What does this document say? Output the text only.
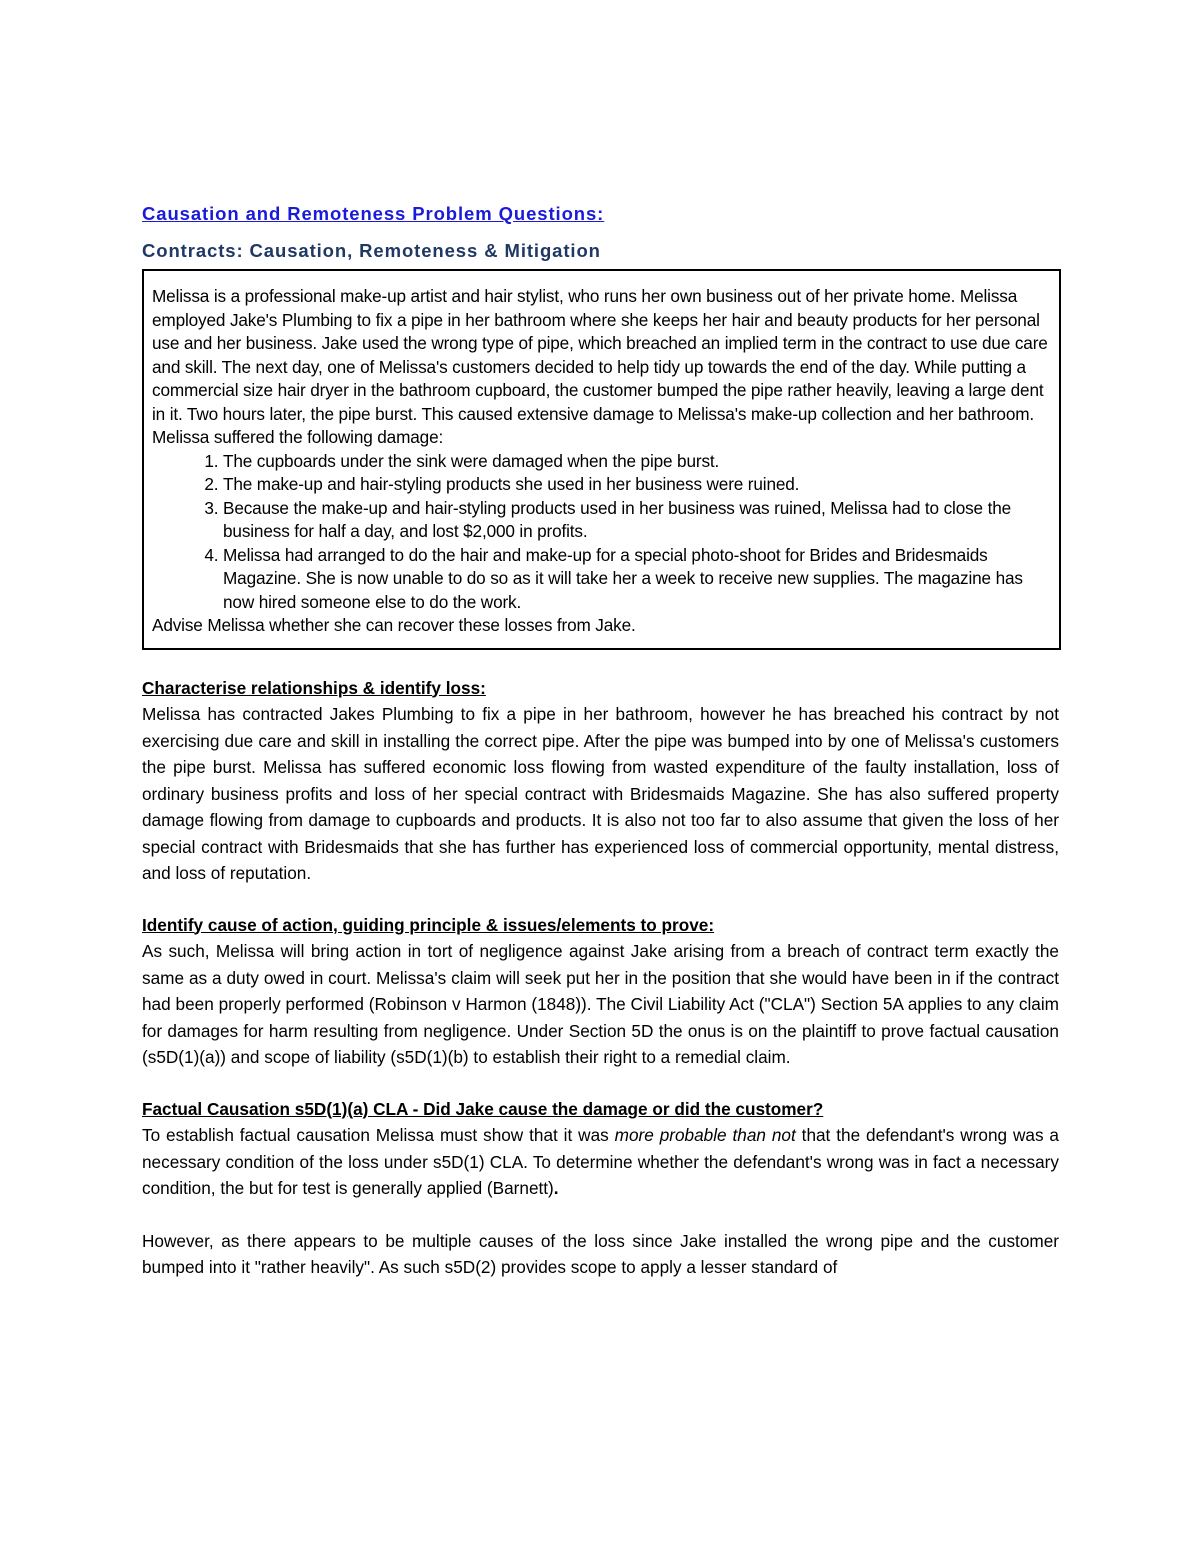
Causation and Remoteness Problem Questions:
Contracts: Causation, Remoteness & Mitigation

Melissa is a professional make-up artist and hair stylist, who runs her own business out of her private home. Melissa employed Jake's Plumbing to fix a pipe in her bathroom where she keeps her hair and beauty products for her personal use and her business. Jake used the wrong type of pipe, which breached an implied term in the contract to use due care and skill. The next day, one of Melissa's customers decided to help tidy up towards the end of the day. While putting a commercial size hair dryer in the bathroom cupboard, the customer bumped the pipe rather heavily, leaving a large dent in it. Two hours later, the pipe burst. This caused extensive damage to Melissa's make-up collection and her bathroom.

Melissa suffered the following damage:

1. The cupboards under the sink were damaged when the pipe burst.
2. The make-up and hair-styling products she used in her business were ruined.
3. Because the make-up and hair-styling products used in her business was ruined, Melissa had to close the business for half a day, and lost $2,000 in profits.
4. Melissa had arranged to do the hair and make-up for a special photo-shoot for Brides and Bridesmaids Magazine. She is now unable to do so as it will take her a week to receive new supplies. The magazine has now hired someone else to do the work.

Advise Melissa whether she can recover these losses from Jake.

Characterise relationships & identify loss:

Melissa has contracted Jakes Plumbing to fix a pipe in her bathroom, however he has breached his contract by not exercising due care and skill in installing the correct pipe. After the pipe was bumped into by one of Melissa's customers the pipe burst. Melissa has suffered economic loss flowing from wasted expenditure of the faulty installation, loss of ordinary business profits and loss of her special contract with Bridesmaids Magazine. She has also suffered property damage flowing from damage to cupboards and products. It is also not too far to also assume that given the loss of her special contract with Bridesmaids that she has further has experienced loss of commercial opportunity, mental distress, and loss of reputation.

Identify cause of action, guiding principle & issues/elements to prove:

As such, Melissa will bring action in tort of negligence against Jake arising from a breach of contract term exactly the same as a duty owed in court. Melissa's claim will seek put her in the position that she would have been in if the contract had been properly performed (Robinson v Harmon (1848)). The Civil Liability Act ("CLA") Section 5A applies to any claim for damages for harm resulting from negligence. Under Section 5D the onus is on the plaintiff to prove factual causation (s5D(1)(a)) and scope of liability (s5D(1)(b) to establish their right to a remedial claim.

Factual Causation s5D(1)(a) CLA - Did Jake cause the damage or did the customer?

To establish factual causation Melissa must show that it was more probable than not that the defendant's wrong was a necessary condition of the loss under s5D(1) CLA. To determine whether the defendant's wrong was in fact a necessary condition, the but for test is generally applied (Barnett).

However, as there appears to be multiple causes of the loss since Jake installed the wrong pipe and the customer bumped into it "rather heavily". As such s5D(2) provides scope to apply a lesser standard of
